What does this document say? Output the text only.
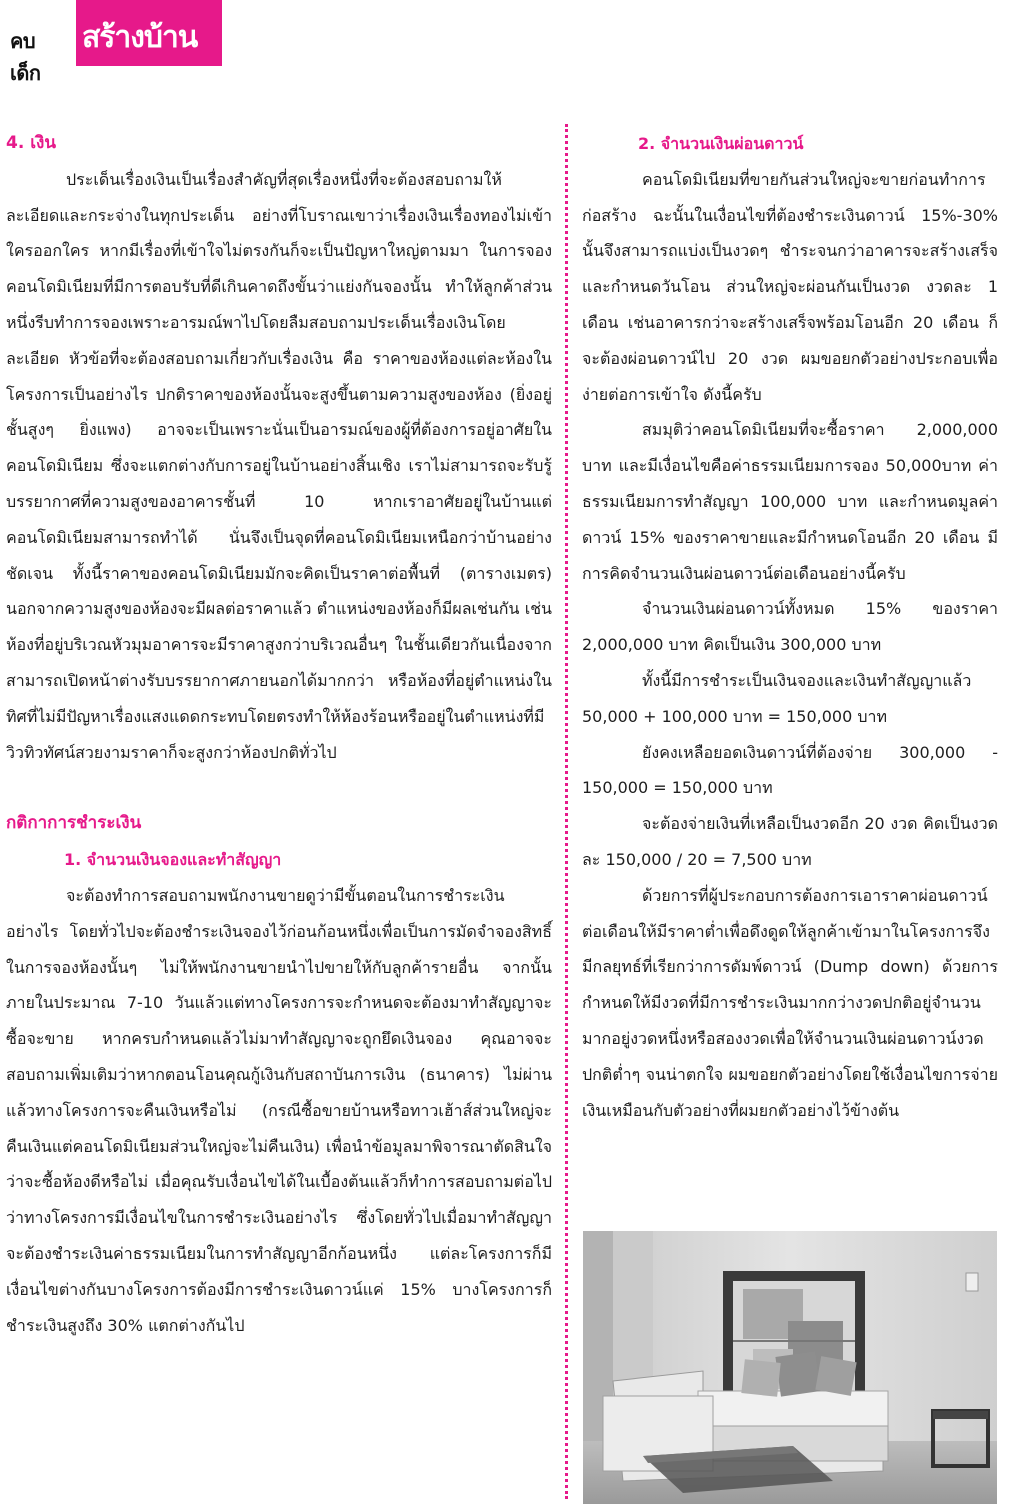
คบเด็ก
สร้างบ้าน
4. เงิน

ประเด็นเรื่องเงินเป็นเรื่องสำคัญที่สุดเรื่องหนึ่งที่จะต้องสอบถามให้ละเอียดและกระจ่างในทุกประเด็น อย่างที่โบราณเขาว่าเรื่องเงินเรื่องทองไม่เข้าใครออกใคร หากมีเรื่องที่เข้าใจไม่ตรงกันก็จะเป็นปัญหาใหญ่ตามมา ในการจองคอนโดมิเนียมที่มีการตอบรับที่ดีเกินคาดถึงขั้นว่าแย่งกันจองนั้น ทำให้ลูกค้าส่วนหนึ่งรีบทำการจองเพราะอารมณ์พาไปโดยลืมสอบถามประเด็นเรื่องเงินโดยละเอียด หัวข้อที่จะต้องสอบถามเกี่ยวกับเรื่องเงิน คือ ราคาของห้องแต่ละห้องในโครงการเป็นอย่างไร ปกติราคาของห้องนั้นจะสูงขึ้นตามความสูงของห้อง (ยิ่งอยู่ชั้นสูงๆ ยิ่งแพง) อาจจะเป็นเพราะนั่นเป็นอารมณ์ของผู้ที่ต้องการอยู่อาศัยในคอนโดมิเนียม ซึ่งจะแตกต่างกับการอยู่ในบ้านอย่างสิ้นเชิง เราไม่สามารถจะรับรู้บรรยากาศที่ความสูงของอาคารชั้นที่ 10 หากเราอาศัยอยู่ในบ้านแต่คอนโดมิเนียมสามารถทำได้ นั่นจึงเป็นจุดที่คอนโดมิเนียมเหนือกว่าบ้านอย่างชัดเจน ทั้งนี้ราคาของคอนโดมิเนียมมักจะคิดเป็นราคาต่อพื้นที่ (ตารางเมตร) นอกจากความสูงของห้องจะมีผลต่อราคาแล้ว ตำแหน่งของห้องก็มีผลเช่นกัน เช่น ห้องที่อยู่บริเวณหัวมุมอาคารจะมีราคาสูงกว่าบริเวณอื่นๆ ในชั้นเดียวกันเนื่องจากสามารถเปิดหน้าต่างรับบรรยากาศภายนอกได้มากกว่า หรือห้องที่อยู่ตำแหน่งในทิศที่ไม่มีปัญหาเรื่องแสงแดดกระทบโดยตรงทำให้ห้องร้อนหรืออยู่ในตำแหน่งที่มีวิวทิวทัศน์สวยงามราคาก็จะสูงกว่าห้องปกติทั่วไป

กติกาการชำระเงิน
1. จำนวนเงินจองและทำสัญญา

จะต้องทำการสอบถามพนักงานขายดูว่ามีขั้นตอนในการชำระเงินอย่างไร โดยทั่วไปจะต้องชำระเงินจองไว้ก่อนก้อนหนึ่งเพื่อเป็นการมัดจำจองสิทธิ์ในการจองห้องนั้นๆ ไม่ให้พนักงานขายนำไปขายให้กับลูกค้ารายอื่น จากนั้นภายในประมาณ 7-10 วันแล้วแต่ทางโครงการจะกำหนดจะต้องมาทำสัญญาจะซื้อจะขาย หากครบกำหนดแล้วไม่มาทำสัญญาจะถูกยึดเงินจอง คุณอาจจะสอบถามเพิ่มเติมว่าหากตอนโอนคุณกู้เงินกับสถาบันการเงิน (ธนาคาร) ไม่ผ่านแล้วทางโครงการจะคืนเงินหรือไม่ (กรณีซื้อขายบ้านหรือทาวเฮ้าส์ส่วนใหญ่จะคืนเงินแต่คอนโดมิเนียมส่วนใหญ่จะไม่คืนเงิน) เพื่อนำข้อมูลมาพิจารณาตัดสินใจว่าจะซื้อห้องดีหรือไม่ เมื่อคุณรับเงื่อนไขได้ในเบื้องต้นแล้วก็ทำการสอบถามต่อไปว่าทางโครงการมีเงื่อนไขในการชำระเงินอย่างไร ซึ่งโดยทั่วไปเมื่อมาทำสัญญาจะต้องชำระเงินค่าธรรมเนียมในการทำสัญญาอีกก้อนหนึ่ง แต่ละโครงการก็มีเงื่อนไขต่างกันบางโครงการต้องมีการชำระเงินดาวน์แค่ 15% บางโครงการก็ชำระเงินสูงถึง 30% แตกต่างกันไป

2. จำนวนเงินผ่อนดาวน์

คอนโดมิเนียมที่ขายกันส่วนใหญ่จะขายก่อนทำการก่อสร้าง ฉะนั้นในเงื่อนไขที่ต้องชำระเงินดาวน์ 15%-30% นั้นจึงสามารถแบ่งเป็นงวดๆ ชำระจนกว่าอาคารจะสร้างเสร็จและกำหนดวันโอน ส่วนใหญ่จะผ่อนกันเป็นงวด งวดละ 1 เดือน เช่นอาคารกว่าจะสร้างเสร็จพร้อมโอนอีก 20 เดือน ก็จะต้องผ่อนดาวน์ไป 20 งวด ผมขอยกตัวอย่างประกอบเพื่อง่ายต่อการเข้าใจ ดังนี้ครับ

สมมุติว่าคอนโดมิเนียมที่จะซื้อราคา 2,000,000 บาท และมีเงื่อนไขคือค่าธรรมเนียมการจอง 50,000บาท ค่าธรรมเนียมการทำสัญญา 100,000 บาท และกำหนดมูลค่าดาวน์ 15% ของราคาขายและมีกำหนดโอนอีก 20 เดือน มีการคิดจำนวนเงินผ่อนดาวน์ต่อเดือนอย่างนี้ครับ

จำนวนเงินผ่อนดาวน์ทั้งหมด 15% ของราคา 2,000,000 บาท คิดเป็นเงิน 300,000 บาท

ทั้งนี้มีการชำระเป็นเงินจองและเงินทำสัญญาแล้ว 50,000 + 100,000 บาท = 150,000 บาท

ยังคงเหลือยอดเงินดาวน์ที่ต้องจ่าย 300,000 - 150,000 = 150,000 บาท

จะต้องจ่ายเงินที่เหลือเป็นงวดอีก 20 งวด คิดเป็นงวดละ 150,000 / 20 = 7,500 บาท

ด้วยการที่ผู้ประกอบการต้องการเอาราคาผ่อนดาวน์ต่อเดือนให้มีราคาต่ำเพื่อดึงดูดให้ลูกค้าเข้ามาในโครงการจึงมีกลยุทธ์ที่เรียกว่าการดัมพ์ดาวน์ (Dump down) ด้วยการกำหนดให้มีงวดที่มีการชำระเงินมากกว่างวดปกติอยู่จำนวนมากอยู่งวดหนึ่งหรือสองงวดเพื่อให้จำนวนเงินผ่อนดาวน์งวดปกติต่ำๆ จนน่าตกใจ ผมขอยกตัวอย่างโดยใช้เงื่อนไขการจ่ายเงินเหมือนกับตัวอย่างที่ผมยกตัวอย่างไว้ข้างต้น
